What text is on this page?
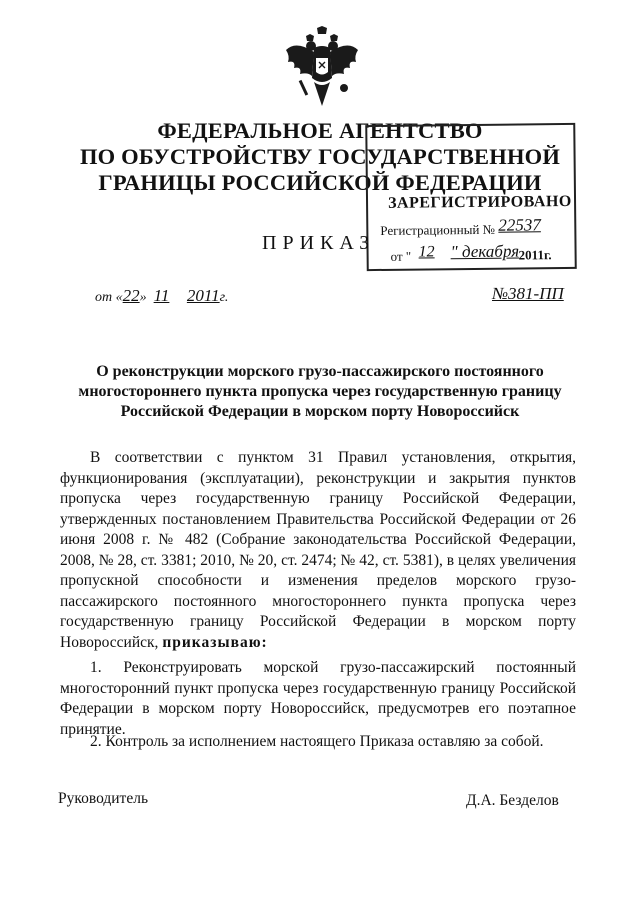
ФЕДЕРАЛЬНОЕ АГЕНТСТВО
ПО ОБУСТРОЙСТВУ ГОСУДАРСТВЕННОЙ
ГРАНИЦЫ РОССИЙСКОЙ ФЕДЕРАЦИИ
ЗАРЕГИСТРИРОВАНО
Регистрационный № 22537
от " 12 " декабря 2011г.
ПРИКАЗ
от «22»  11 2011г.	№381-ПП
О реконструкции морского грузо-пассажирского постоянного
многостороннего пункта пропуска через государственную границу
Российской Федерации в морском порту Новороссийск

В соответствии с пунктом 31 Правил установления, открытия, функционирования (эксплуатации), реконструкции и закрытия пунктов пропуска через государственную границу Российской Федерации, утвержденных постановлением Правительства Российской Федерации от 26 июня 2008 г. № 482 (Собрание законодательства Российской Федерации, 2008, № 28, ст. 3381; 2010, № 20, ст. 2474; № 42, ст. 5381), в целях увеличения пропускной способности и изменения пределов морского грузо-пассажирского постоянного многостороннего пункта пропуска через государственную границу Российской Федерации в морском порту Новороссийск, приказываю:

1. Реконструировать морской грузо-пассажирский постоянный многосторонний пункт пропуска через государственную границу Российской Федерации в морском порту Новороссийск, предусмотрев его поэтапное принятие.
2. Контроль за исполнением настоящего Приказа оставляю за собой.
Руководитель	Д.А. Безделов
